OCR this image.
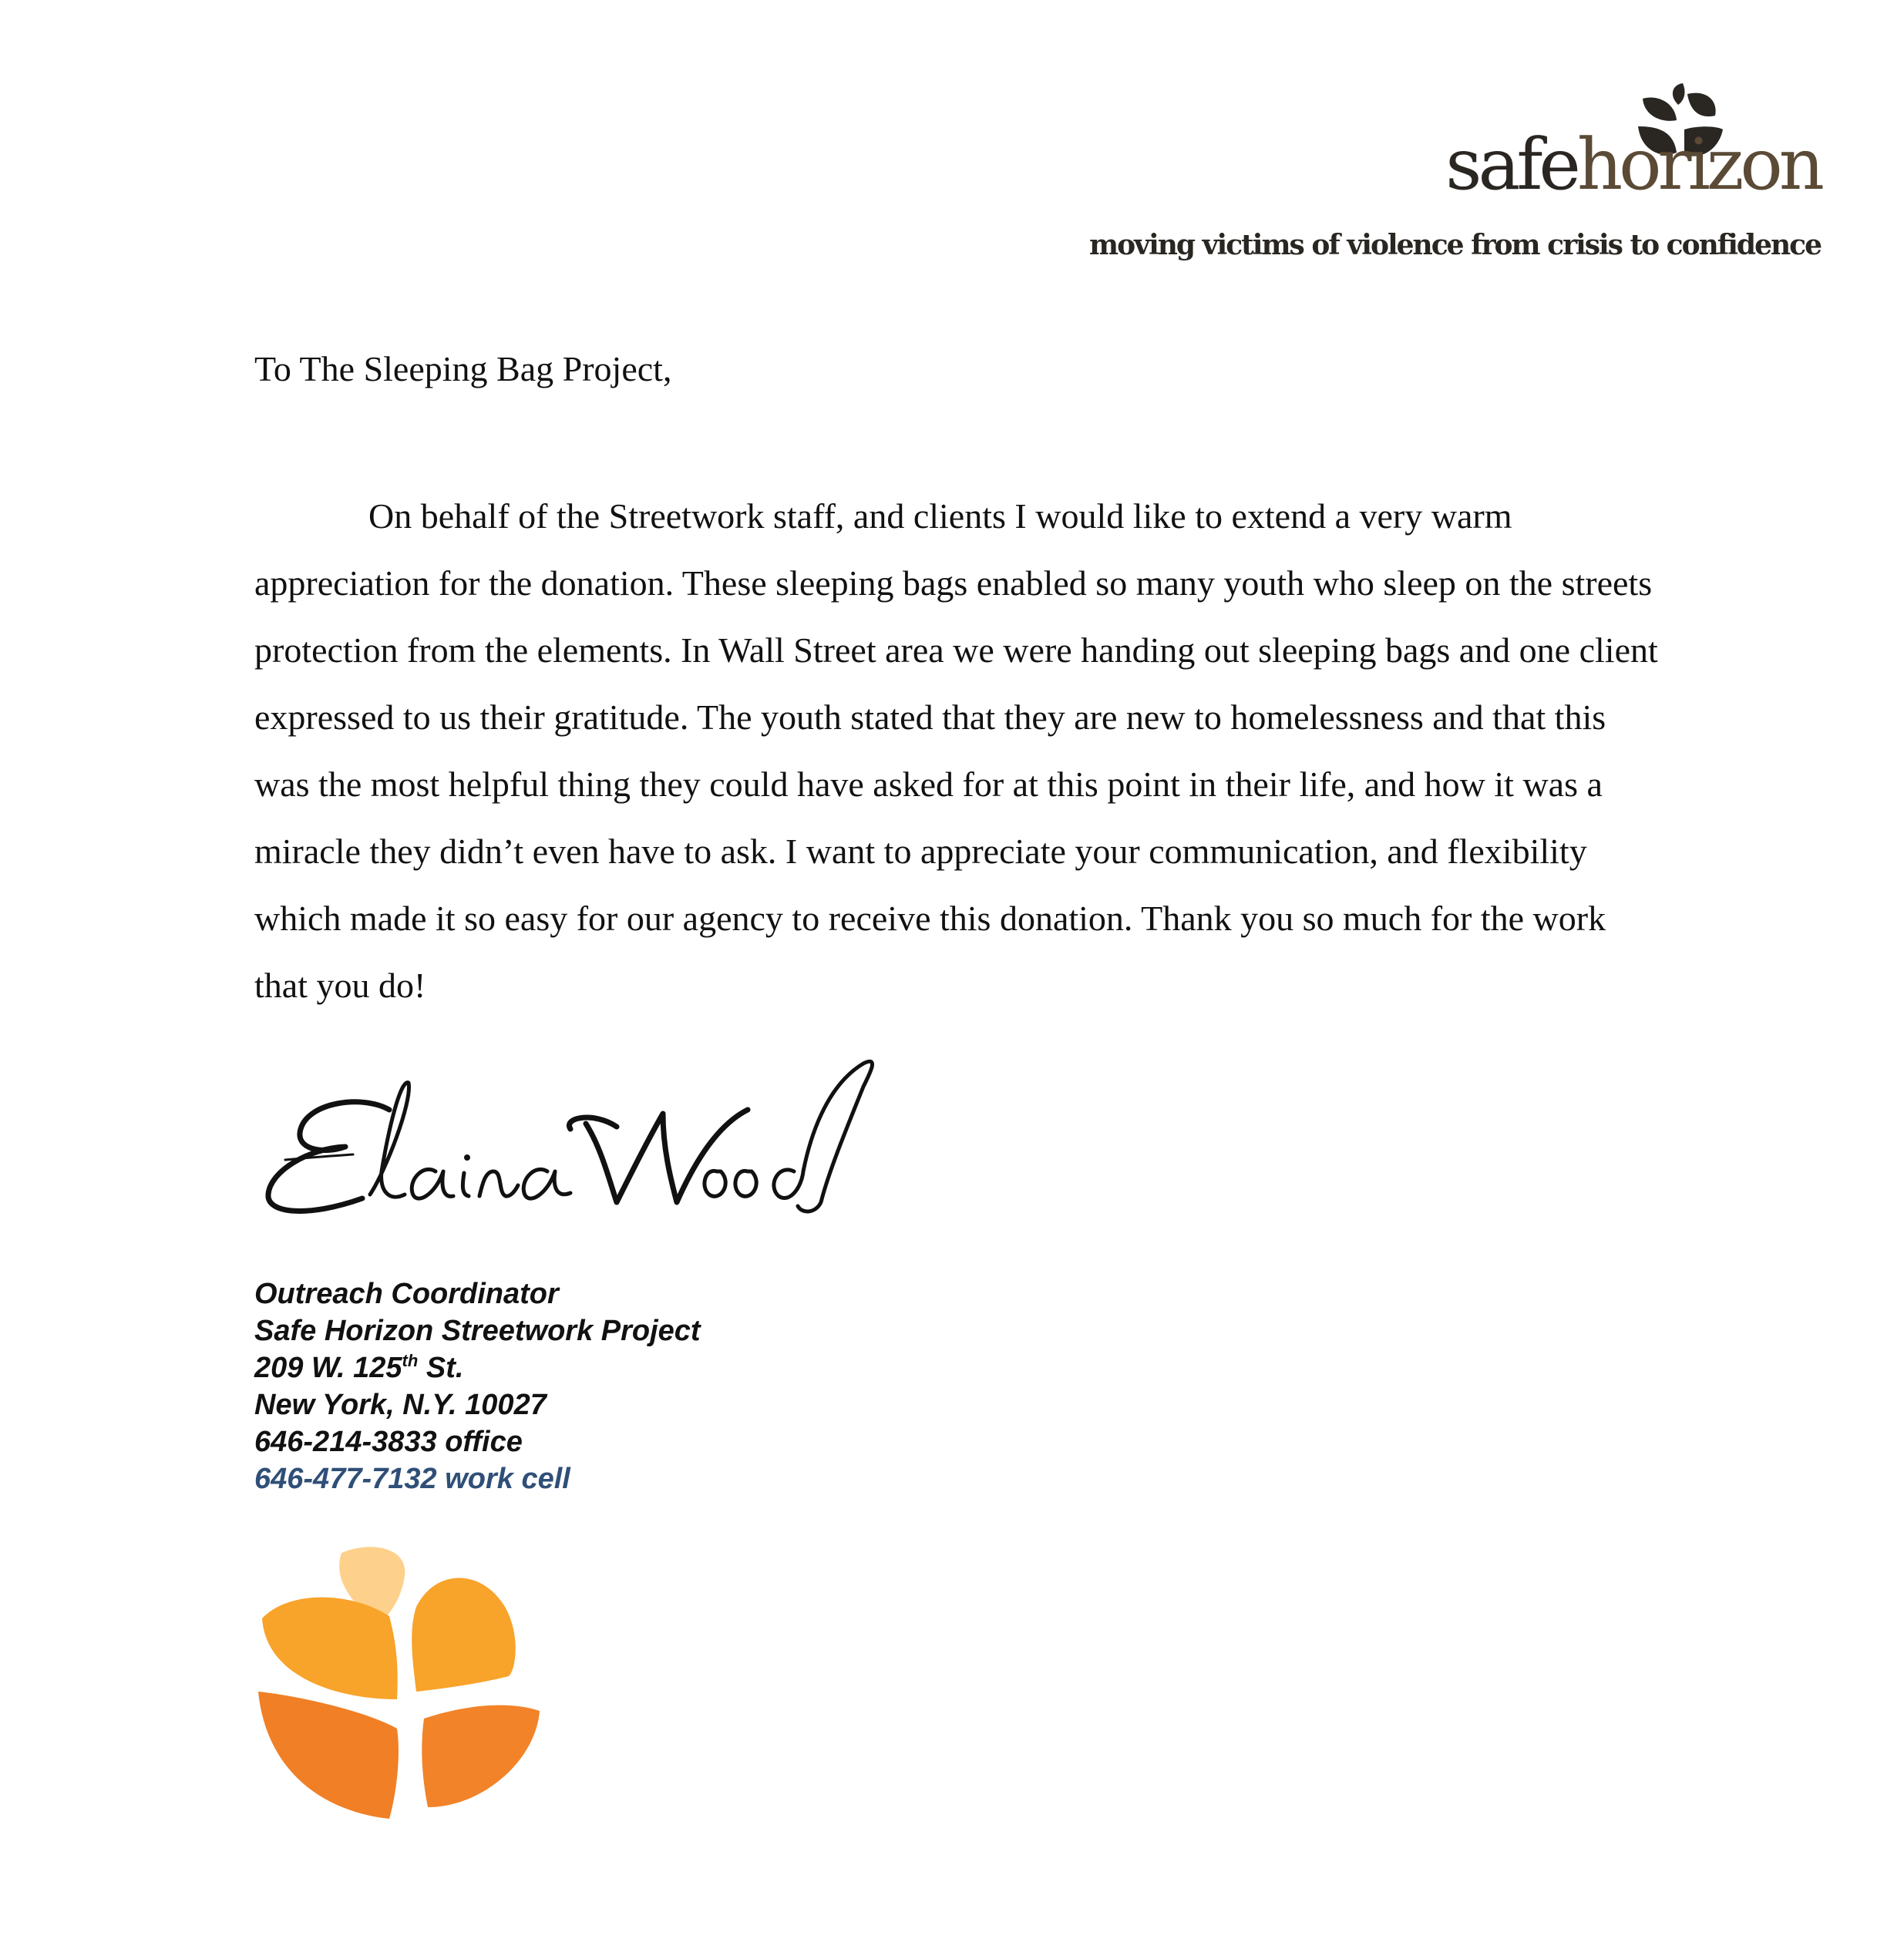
safehorizon
moving victims of violence from crisis to confidence
To The Sleeping Bag Project,

On behalf of the Streetwork staff, and clients I would like to extend a very warm appreciation for the donation. These sleeping bags enabled so many youth who sleep on the streets protection from the elements. In Wall Street area we were handing out sleeping bags and one client expressed to us their gratitude. The youth stated that they are new to homelessness and that this was the most helpful thing they could have asked for at this point in their life, and how it was a miracle they didn’t even have to ask. I want to appreciate your communication, and flexibility which made it so easy for our agency to receive this donation. Thank you so much for the work that you do!

Outreach Coordinator
Safe Horizon Streetwork Project
209 W. 125th St.
New York, N.Y. 10027
646-214-3833 office
646-477-7132 work cell
